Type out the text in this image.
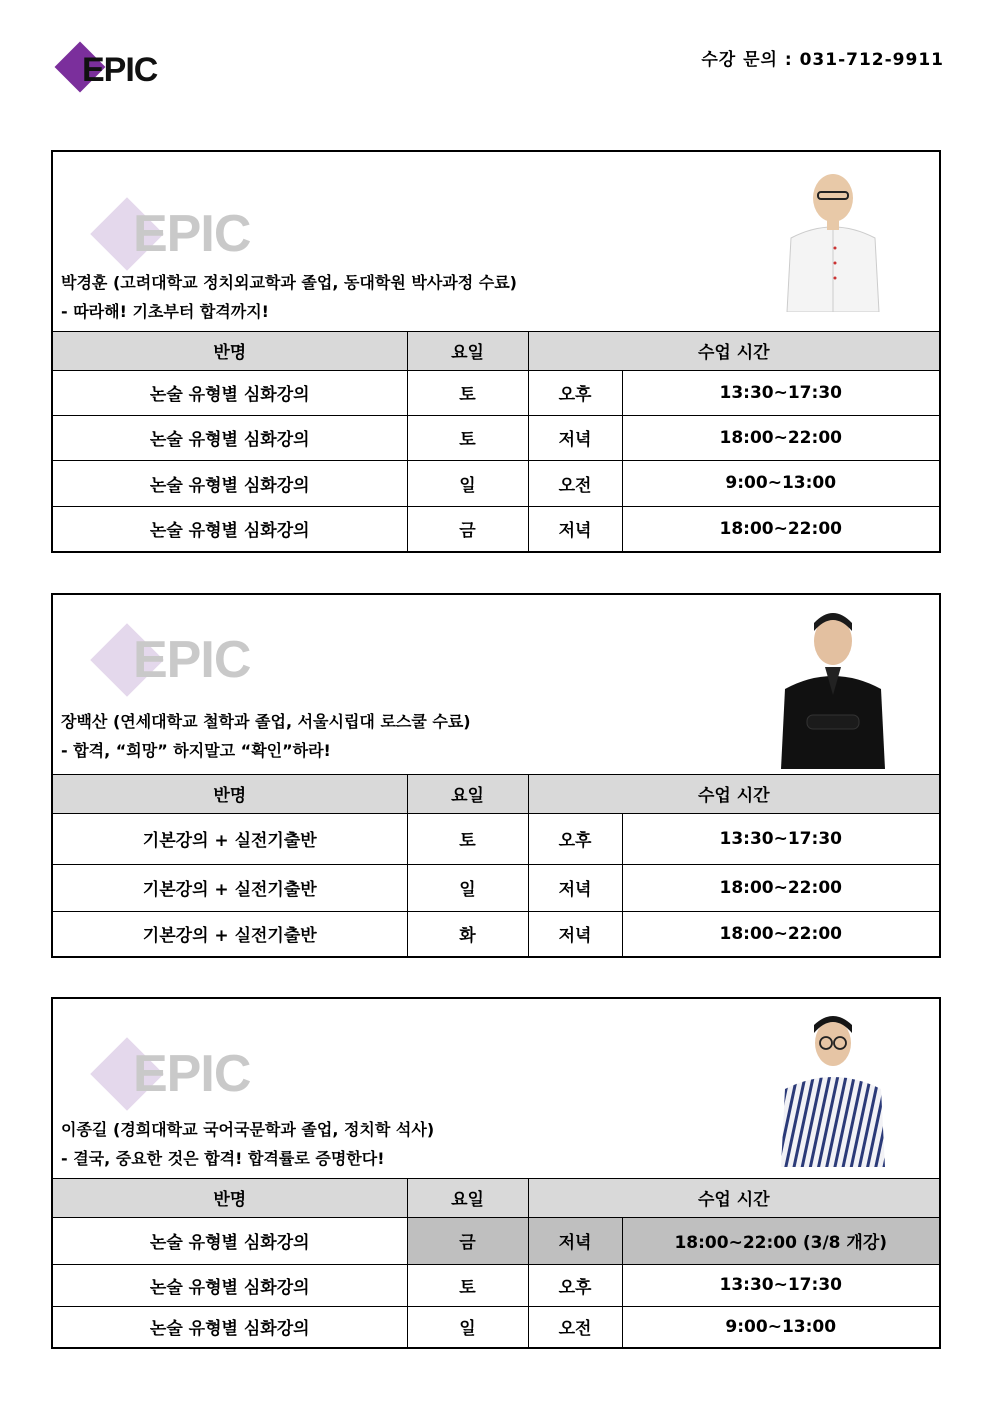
EPIC	수강 문의 : 031-712-9911
EPIC
박경훈 (고려대학교 정치외교학과 졸업, 동대학원 박사과정 수료)
- 따라해! 기초부터 합격까지!
반명	요일	수업 시간	
논술 유형별 심화강의	토	오후	13:30~17:30
논술 유형별 심화강의	토	저녁	18:00~22:00
논술 유형별 심화강의	일	오전	9:00~13:00
논술 유형별 심화강의	금	저녁	18:00~22:00
EPIC
장백산 (연세대학교 철학과 졸업, 서울시립대 로스쿨 수료)
- 합격, “희망” 하지말고 “확인”하라!
반명	요일	수업 시간	
기본강의 + 실전기출반	토	오후	13:30~17:30
기본강의 + 실전기출반	일	저녁	18:00~22:00
기본강의 + 실전기출반	화	저녁	18:00~22:00
EPIC
이종길 (경희대학교 국어국문학과 졸업, 정치학 석사)
- 결국, 중요한 것은 합격! 합격률로 증명한다!
반명	요일	수업 시간	
논술 유형별 심화강의	금	저녁	18:00~22:00 (3/8 개강)
논술 유형별 심화강의	토	오후	13:30~17:30
논술 유형별 심화강의	일	오전	9:00~13:00
